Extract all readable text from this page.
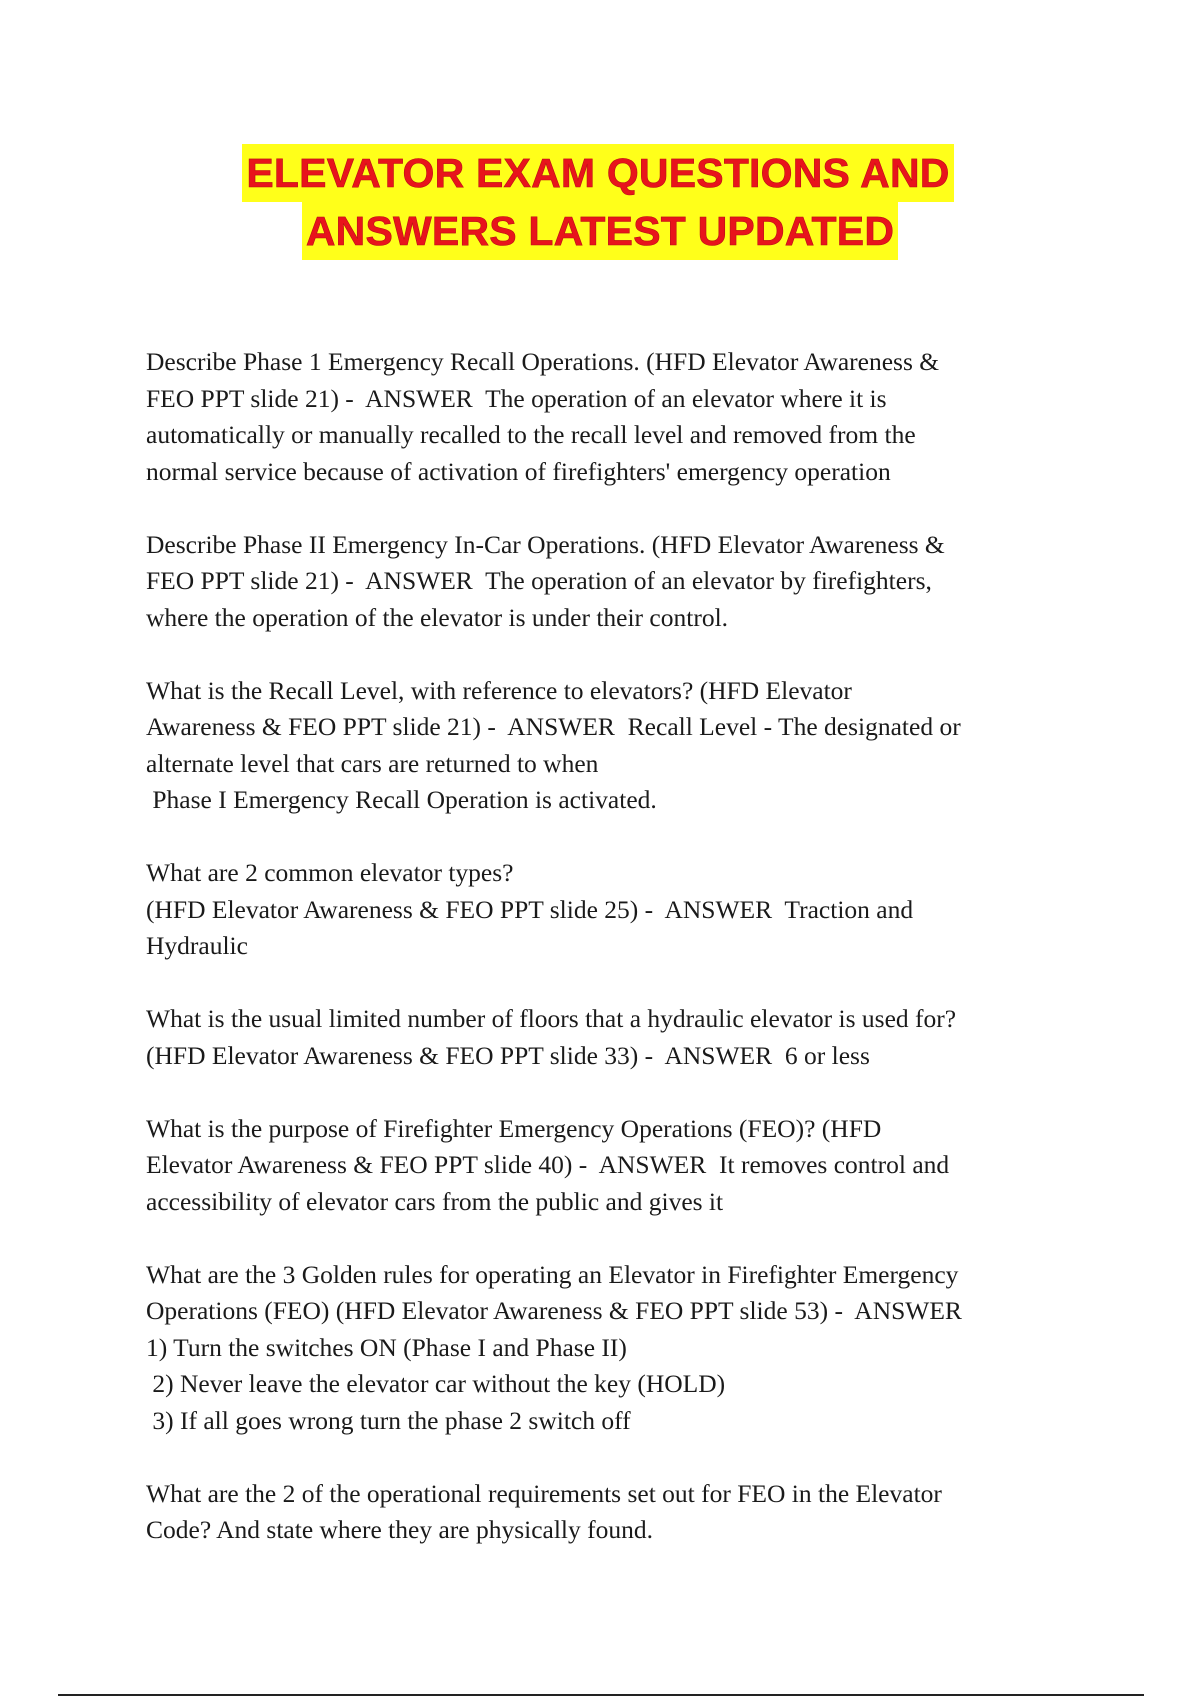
ELEVATOR EXAM QUESTIONS AND
ANSWERS LATEST UPDATED

Describe Phase 1 Emergency Recall Operations. (HFD Elevator Awareness &

FEO PPT slide 21) -  ANSWER  The operation of an elevator where it is

automatically or manually recalled to the recall level and removed from the

normal service because of activation of firefighters' emergency operation

Describe Phase II Emergency In-Car Operations. (HFD Elevator Awareness &

FEO PPT slide 21) -  ANSWER  The operation of an elevator by firefighters,

where the operation of the elevator is under their control.

What is the Recall Level, with reference to elevators? (HFD Elevator

Awareness & FEO PPT slide 21) -  ANSWER  Recall Level - The designated or

alternate level that cars are returned to when

Phase I Emergency Recall Operation is activated.

What are 2 common elevator types?

(HFD Elevator Awareness & FEO PPT slide 25) -  ANSWER  Traction and

Hydraulic

What is the usual limited number of floors that a hydraulic elevator is used for?

(HFD Elevator Awareness & FEO PPT slide 33) -  ANSWER  6 or less

What is the purpose of Firefighter Emergency Operations (FEO)? (HFD

Elevator Awareness & FEO PPT slide 40) -  ANSWER  It removes control and

accessibility of elevator cars from the public and gives it

What are the 3 Golden rules for operating an Elevator in Firefighter Emergency

Operations (FEO) (HFD Elevator Awareness & FEO PPT slide 53) -  ANSWER

1) Turn the switches ON (Phase I and Phase II)

2) Never leave the elevator car without the key (HOLD)

3) If all goes wrong turn the phase 2 switch off

What are the 2 of the operational requirements set out for FEO in the Elevator

Code? And state where they are physically found.
